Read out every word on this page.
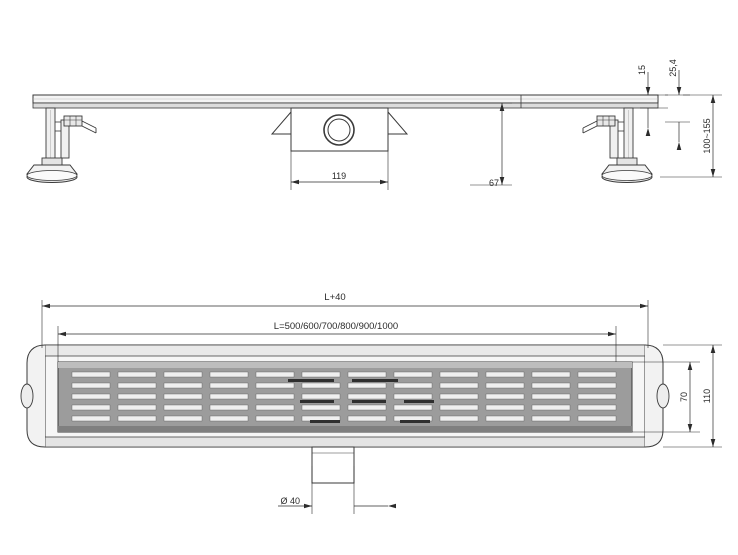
119
67
15 25,4
100~155
L+40
L=500/600/700/800/900/1000
70 110
Ø 40
